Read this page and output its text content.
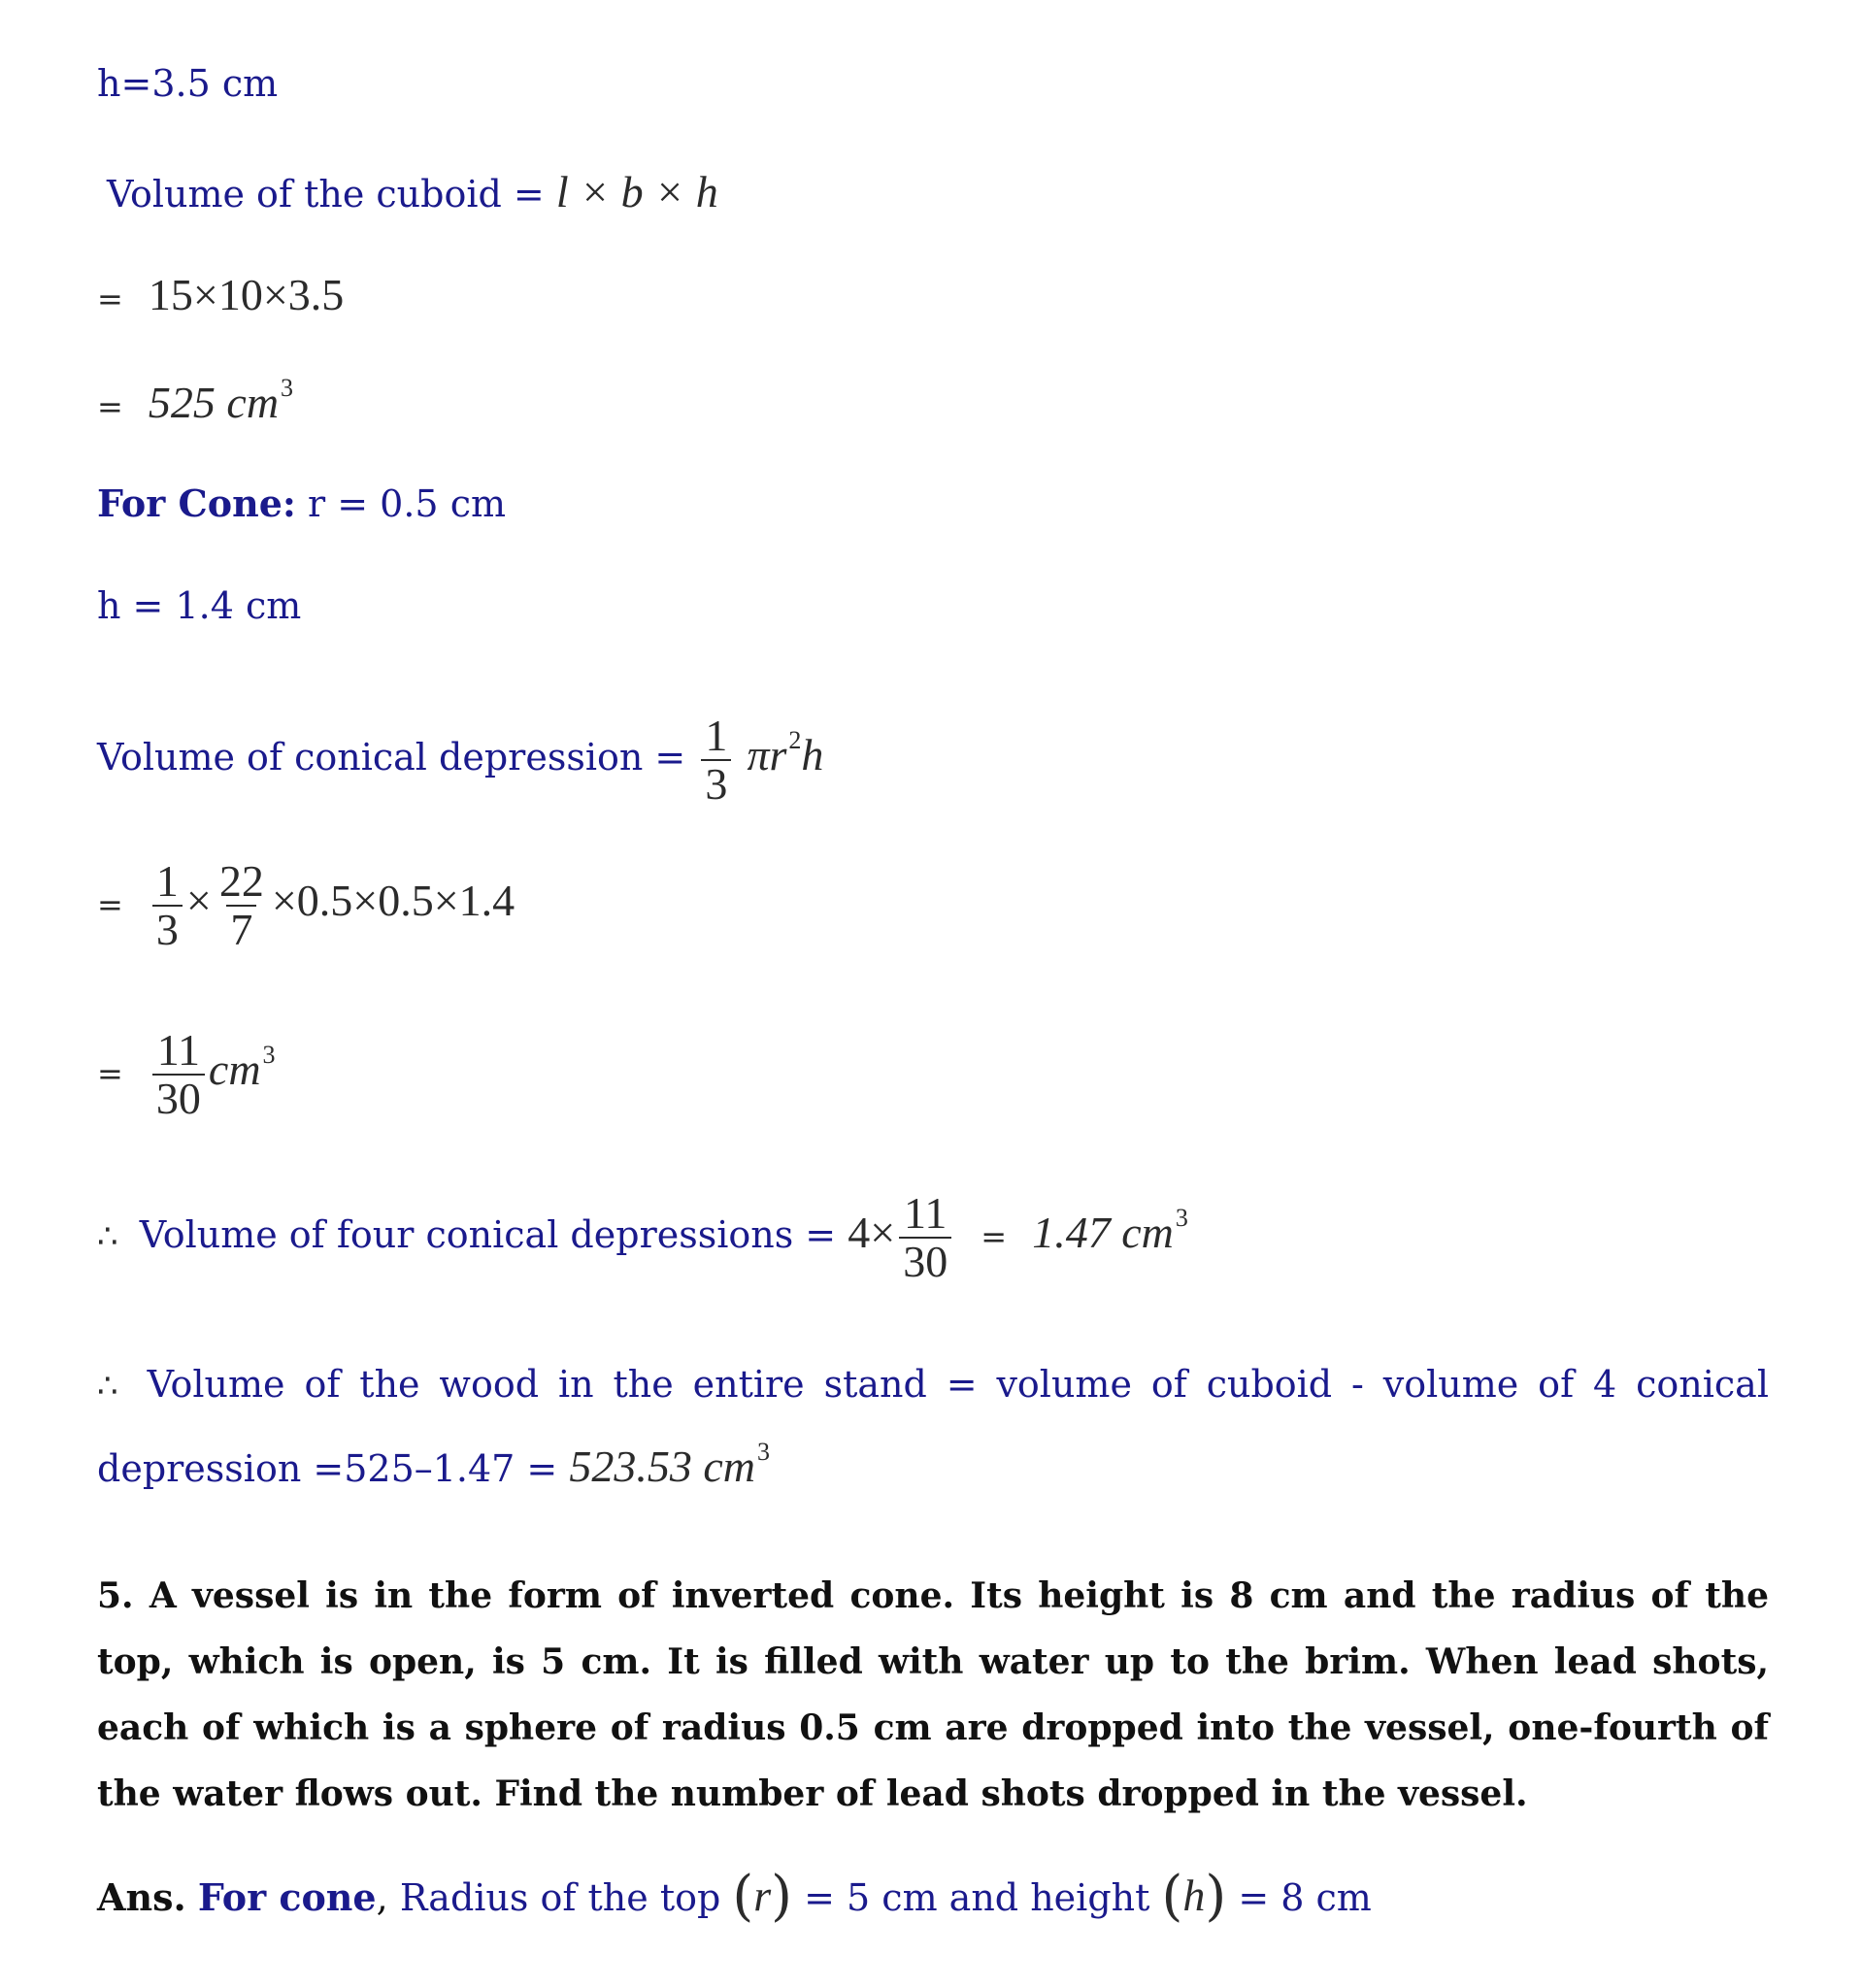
h=3.5 cm
Volume of the cuboid = l × b × h
= 15×10×3.5
= 525 $cm^3$
For Cone: r = 0.5 cm
h = 1.4 cm
Volume of conical depression = $\frac{1}{3} \pi r^2h$
= $\frac{1}{3} \times \frac{22}{7} \times 0.5\times 0.5\times 1.4$
= $\frac{11}{30} cm^3$
∴ Volume of four conical depressions = $4\times \frac{11}{30} = 1.47$ $cm^3$
∴ Volume of the wood in the entire stand = volume of cuboid - volume of 4 conical
depression =525–1.47 = 523.53 $cm^3$
5. A vessel is in the form of inverted cone. Its height is 8 cm and the radius of the top, which is open, is 5 cm. It is filled with water up to the brim. When lead shots, each of which is a sphere of radius 0.5 cm are dropped into the vessel, one-fourth of the water flows out. Find the number of lead shots dropped in the vessel.
Ans. For cone, Radius of the top (r) = 5 cm and height (h) = 8 cm
